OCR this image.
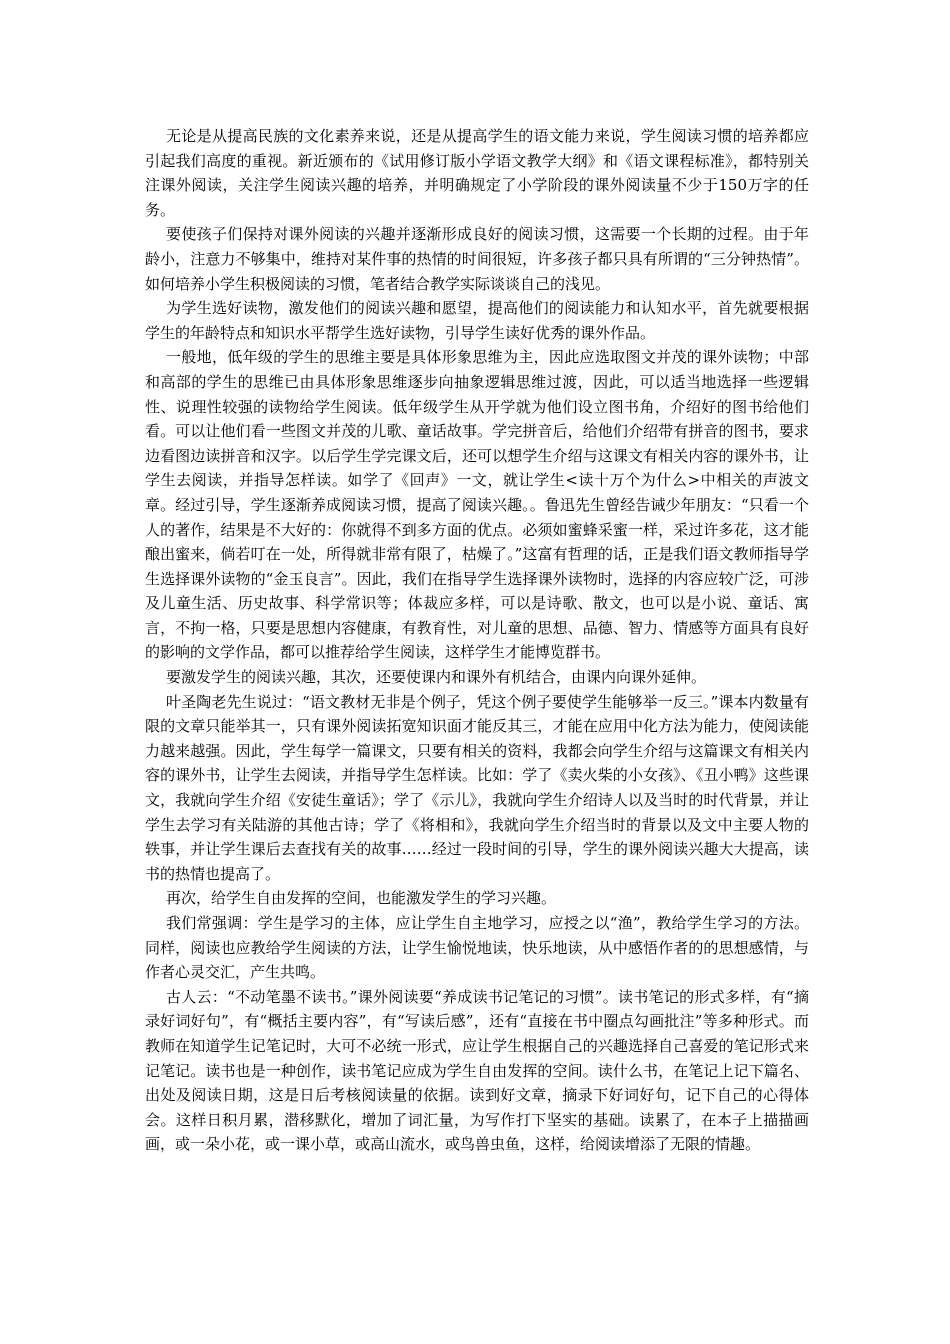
无论是从提高民族的文化素养来说，还是从提高学生的语文能力来说，学生阅读习惯的培养都应引起我们高度的重视。新近颁布的《试用修订版小学语文教学大纲》和《语文课程标准》，都特别关注课外阅读，关注学生阅读兴趣的培养，并明确规定了小学阶段的课外阅读量不少于150万字的任务。

要使孩子们保持对课外阅读的兴趣并逐渐形成良好的阅读习惯，这需要一个长期的过程。由于年龄小，注意力不够集中，维持对某件事的热情的时间很短，许多孩子都只具有所谓的“三分钟热情”。如何培养小学生积极阅读的习惯，笔者结合教学实际谈谈自己的浅见。

为学生选好读物，激发他们的阅读兴趣和愿望，提高他们的阅读能力和认知水平，首先就要根据学生的年龄特点和知识水平帮学生选好读物，引导学生读好优秀的课外作品。

一般地，低年级的学生的思维主要是具体形象思维为主，因此应选取图文并茂的课外读物；中部和高部的学生的思维已由具体形象思维逐步向抽象逻辑思维过渡，因此，可以适当地选择一些逻辑性、说理性较强的读物给学生阅读。低年级学生从开学就为他们设立图书角，介绍好的图书给他们看。可以让他们看一些图文并茂的儿歌、童话故事。学完拼音后，给他们介绍带有拼音的图书，要求边看图边读拼音和汉字。以后学生学完课文后，还可以想学生介绍与这课文有相关内容的课外书，让学生去阅读，并指导怎样读。如学了《回声》一文，就让学生<读十万个为什么>中相关的声波文章。经过引导，学生逐渐养成阅读习惯，提高了阅读兴趣。。鲁迅先生曾经告诫少年朋友：“只看一个人的著作，结果是不大好的：你就得不到多方面的优点。必须如蜜蜂采蜜一样，采过许多花，这才能酿出蜜来，倘若叮在一处，所得就非常有限了，枯燥了。”这富有哲理的话，正是我们语文教师指导学生选择课外读物的“金玉良言”。因此，我们在指导学生选择课外读物时，选择的内容应较广泛，可涉及儿童生活、历史故事、科学常识等；体裁应多样，可以是诗歌、散文，也可以是小说、童话、寓言，不拘一格，只要是思想内容健康，有教育性，对儿童的思想、品德、智力、情感等方面具有良好的影响的文学作品，都可以推荐给学生阅读，这样学生才能博览群书。

要激发学生的阅读兴趣，其次，还要使课内和课外有机结合，由课内向课外延伸。

叶圣陶老先生说过：“语文教材无非是个例子，凭这个例子要使学生能够举一反三。”课本内数量有限的文章只能举其一，只有课外阅读拓宽知识面才能反其三，才能在应用中化方法为能力，使阅读能力越来越强。因此，学生每学一篇课文，只要有相关的资料，我都会向学生介绍与这篇课文有相关内容的课外书，让学生去阅读，并指导学生怎样读。比如：学了《卖火柴的小女孩》、《丑小鸭》这些课文，我就向学生介绍《安徒生童话》；学了《示儿》，我就向学生介绍诗人以及当时的时代背景，并让学生去学习有关陆游的其他古诗；学了《将相和》，我就向学生介绍当时的背景以及文中主要人物的轶事，并让学生课后去查找有关的故事……经过一段时间的引导，学生的课外阅读兴趣大大提高，读书的热情也提高了。

再次，给学生自由发挥的空间，也能激发学生的学习兴趣。

我们常强调：学生是学习的主体，应让学生自主地学习，应授之以“渔”，教给学生学习的方法。同样，阅读也应教给学生阅读的方法，让学生愉悦地读，快乐地读，从中感悟作者的的思想感情，与作者心灵交汇，产生共鸣。

古人云：“不动笔墨不读书。”课外阅读要“养成读书记笔记的习惯”。读书笔记的形式多样，有“摘录好词好句”，有“概括主要内容”，有“写读后感”，还有“直接在书中圈点勾画批注”等多种形式。而教师在知道学生记笔记时，大可不必统一形式，应让学生根据自己的兴趣选择自己喜爱的笔记形式来记笔记。读书也是一种创作，读书笔记应成为学生自由发挥的空间。读什么书，在笔记上记下篇名、出处及阅读日期，这是日后考核阅读量的依据。读到好文章，摘录下好词好句，记下自己的心得体会。这样日积月累，潜移默化，增加了词汇量，为写作打下坚实的基础。读累了，在本子上描描画画，或一朵小花，或一课小草，或高山流水，或鸟兽虫鱼，这样，给阅读增添了无限的情趣。
